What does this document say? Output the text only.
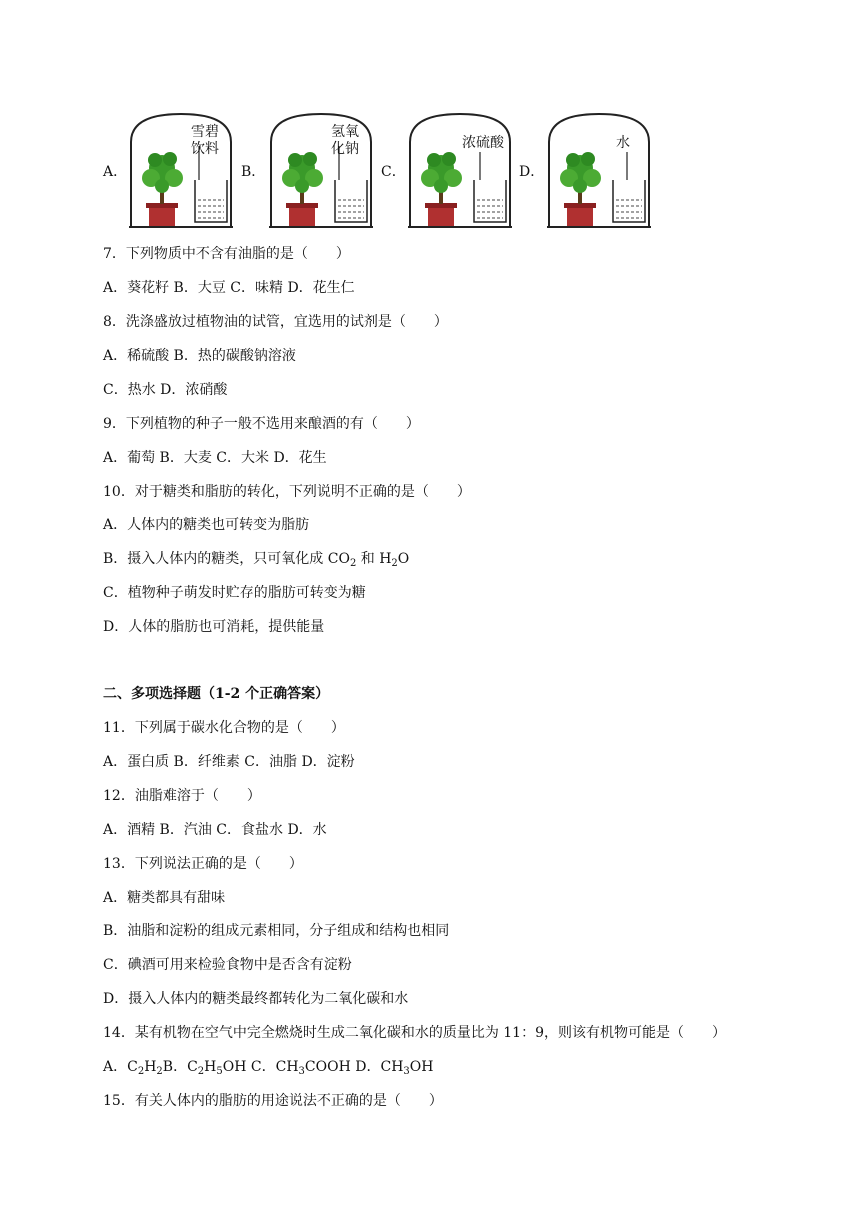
A．
雪碧
饮料
B．
氢氧
化钠
C．
浓硫酸
D．
水
7．下列物质中不含有油脂的是（　　）
A．葵花籽 B．大豆 C．味精 D．花生仁
8．洗涤盛放过植物油的试管，宜选用的试剂是（　　）
A．稀硫酸 B．热的碳酸钠溶液
C．热水 D．浓硝酸
9．下列植物的种子一般不选用来酿酒的有（　　）
A．葡萄 B．大麦 C．大米 D．花生
10．对于糖类和脂肪的转化，下列说明不正确的是（　　）
A．人体内的糖类也可转变为脂肪
B．摄入人体内的糖类，只可氧化成 $CO_2$ 和 $H_2O$
C．植物种子萌发时贮存的脂肪可转变为糖
D．人体的脂肪也可消耗，提供能量
二、多项选择题（1-2 个正确答案）
11．下列属于碳水化合物的是（　　）
A．蛋白质 B．纤维素 C．油脂 D．淀粉
12．油脂难溶于（　　）
A．酒精 B．汽油 C．食盐水 D．水
13．下列说法正确的是（　　）
A．糖类都具有甜味
B．油脂和淀粉的组成元素相同，分子组成和结构也相同
C．碘酒可用来检验食物中是否含有淀粉
D．摄入人体内的糖类最终都转化为二氧化碳和水
14．某有机物在空气中完全燃烧时生成二氧化碳和水的质量比为 11：9，则该有机物可能是（　　）
A．$C_2H_2B$．$C_2H_5OH$ C．$CH_3COOH$ D．$CH_3OH$
15．有关人体内的脂肪的用途说法不正确的是（　　）
